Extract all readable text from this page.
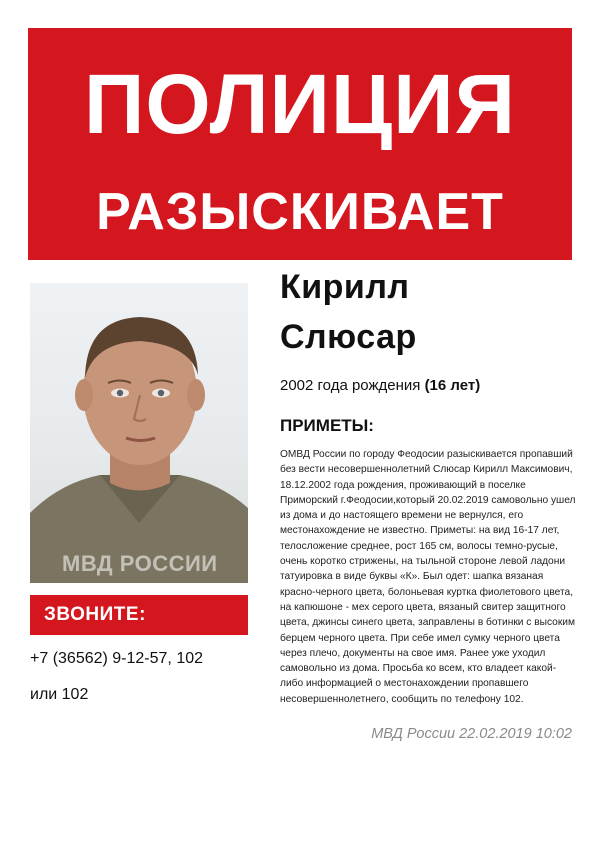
ПОЛИЦИЯ
РАЗЫСКИВАЕТ
МВД РОССИИ
ЗВОНИТЕ:
+7 (36562) 9-12-57, 102
или 102
Кирилл
Слюсар
2002 года рождения (16 лет)
ПРИМЕТЫ:
ОМВД России по городу Феодосии разыскивается пропавший без вести несовершеннолетний Слюсар Кирилл Максимович, 18.12.2002 года рождения, проживающий в поселке Приморский г.Феодосии,который 20.02.2019 самовольно ушел из дома и до настоящего времени не вернулся, его местонахождение не известно. Приметы: на вид 16-17 лет, телосложение среднее, рост 165 см, волосы темно-русые, очень коротко стрижены, на тыльной стороне левой ладони татуировка в виде буквы «К». Был одет: шапка вязаная красно-черного цвета, болоньевая куртка фиолетового цвета, на капюшоне - мех серого цвета, вязаный свитер защитного цвета, джинсы синего цвета, заправлены в ботинки с высоким берцем черного цвета. При себе имел сумку черного цвета через плечо, документы на свое имя. Ранее уже уходил самовольно из дома. Просьба ко всем, кто владеет какой-либо информацией о местонахождении пропавшего несовершеннолетнего, сообщить по телефону 102.
МВД России 22.02.2019 10:02
